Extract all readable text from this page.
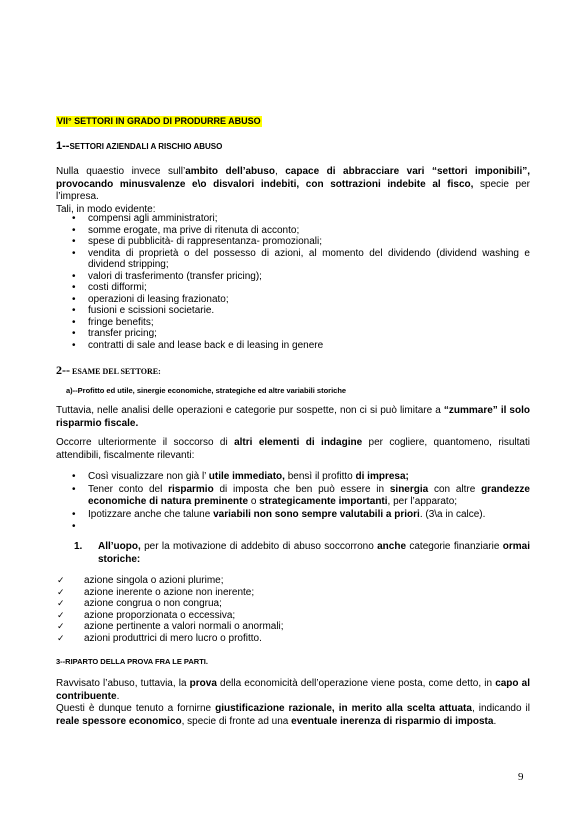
VII° SETTORI IN GRADO DI PRODURRE ABUSO
1--SETTORI AZIENDALI A RISCHIO ABUSO

Nulla quaestio invece sull’ambito dell’abuso, capace di abbracciare vari “settori imponibili”, provocando minusvalenze e\o disvalori indebiti, con sottrazioni indebite al fisco, specie per l’impresa.
Tali, in modo evidente:

• compensi agli amministratori;
• somme erogate, ma prive di ritenuta di acconto;
• spese di pubblicità- di rappresentanza- promozionali;
• vendita di proprietà o del possesso di azioni, al momento del dividendo (dividend washing e dividend stripping;
• valori di trasferimento (transfer pricing);
• costi difformi;
• operazioni di leasing frazionato;
• fusioni e scissioni societarie.
• fringe benefits;
• transfer pricing;
• contratti di sale and lease back e di leasing in genere
2-- ESAME DEL SETTORE:
a)--Profitto ed utile, sinergie economiche, strategiche ed altre variabili storiche

Tuttavia, nelle analisi delle operazioni e categorie pur sospette, non ci si può limitare a “zummare” il solo risparmio fiscale.

Occorre ulteriormente il soccorso di altri elementi di indagine per cogliere, quantomeno, risultati attendibili, fiscalmente rilevanti:

• Così visualizzare non già l’ utile immediato, bensì il profitto di impresa;
• Tener conto del risparmio di imposta che ben può essere in sinergia con altre grandezze economiche di natura preminente o strategicamente importanti, per l’apparato;
• Ipotizzare anche che talune variabili non sono sempre valutabili a priori. (3\a in calce).
•
1.	All’uopo, per la motivazione di addebito di abuso soccorrono anche categorie finanziarie ormai storiche:
✓ azione singola o azioni plurime;
✓ azione inerente o azione non inerente;
✓ azione congrua o non congrua;
✓ azione proporzionata o eccessiva;
✓ azione pertinente a valori normali o anormali;
✓ azioni produttrici di mero lucro o profitto.
3--RIPARTO DELLA PROVA FRA LE PARTI.

Ravvisato l’abuso, tuttavia, la prova della economicità dell’operazione viene posta, come detto, in capo al contribuente.

Questi è dunque tenuto a fornirne giustificazione razionale, in merito alla scelta attuata, indicando il reale spessore economico, specie di fronte ad una eventuale inerenza di risparmio di imposta.

9
